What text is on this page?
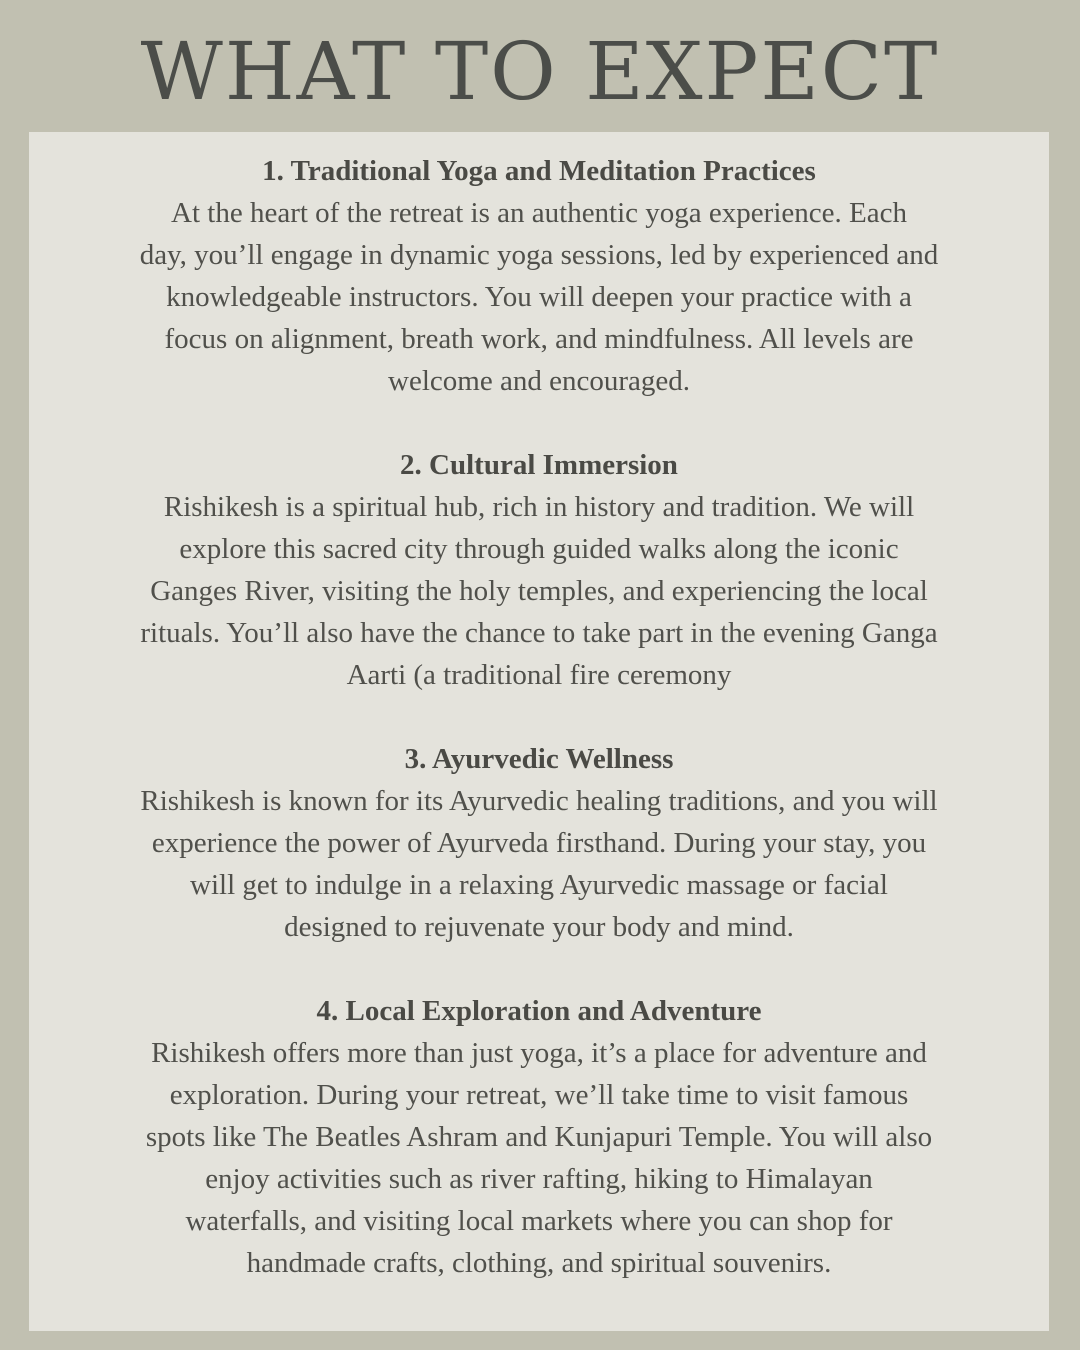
WHAT TO EXPECT
1. Traditional Yoga and Meditation Practices
At the heart of the retreat is an authentic yoga experience. Each
day, you’ll engage in dynamic yoga sessions, led by experienced and
knowledgeable instructors. You will deepen your practice with a
focus on alignment, breath work, and mindfulness. All levels are
welcome and encouraged.
2. Cultural Immersion
Rishikesh is a spiritual hub, rich in history and tradition. We will
explore this sacred city through guided walks along the iconic
Ganges River, visiting the holy temples, and experiencing the local
rituals. You’ll also have the chance to take part in the evening Ganga
Aarti (a traditional fire ceremony
3. Ayurvedic Wellness
Rishikesh is known for its Ayurvedic healing traditions, and you will
experience the power of Ayurveda firsthand. During your stay, you
will get to indulge in a relaxing Ayurvedic massage or facial
designed to rejuvenate your body and mind.
4. Local Exploration and Adventure
Rishikesh offers more than just yoga, it’s a place for adventure and
exploration. During your retreat, we’ll take time to visit famous
spots like The Beatles Ashram and Kunjapuri Temple. You will also
enjoy activities such as river rafting, hiking to Himalayan
waterfalls, and visiting local markets where you can shop for
handmade crafts, clothing, and spiritual souvenirs.
